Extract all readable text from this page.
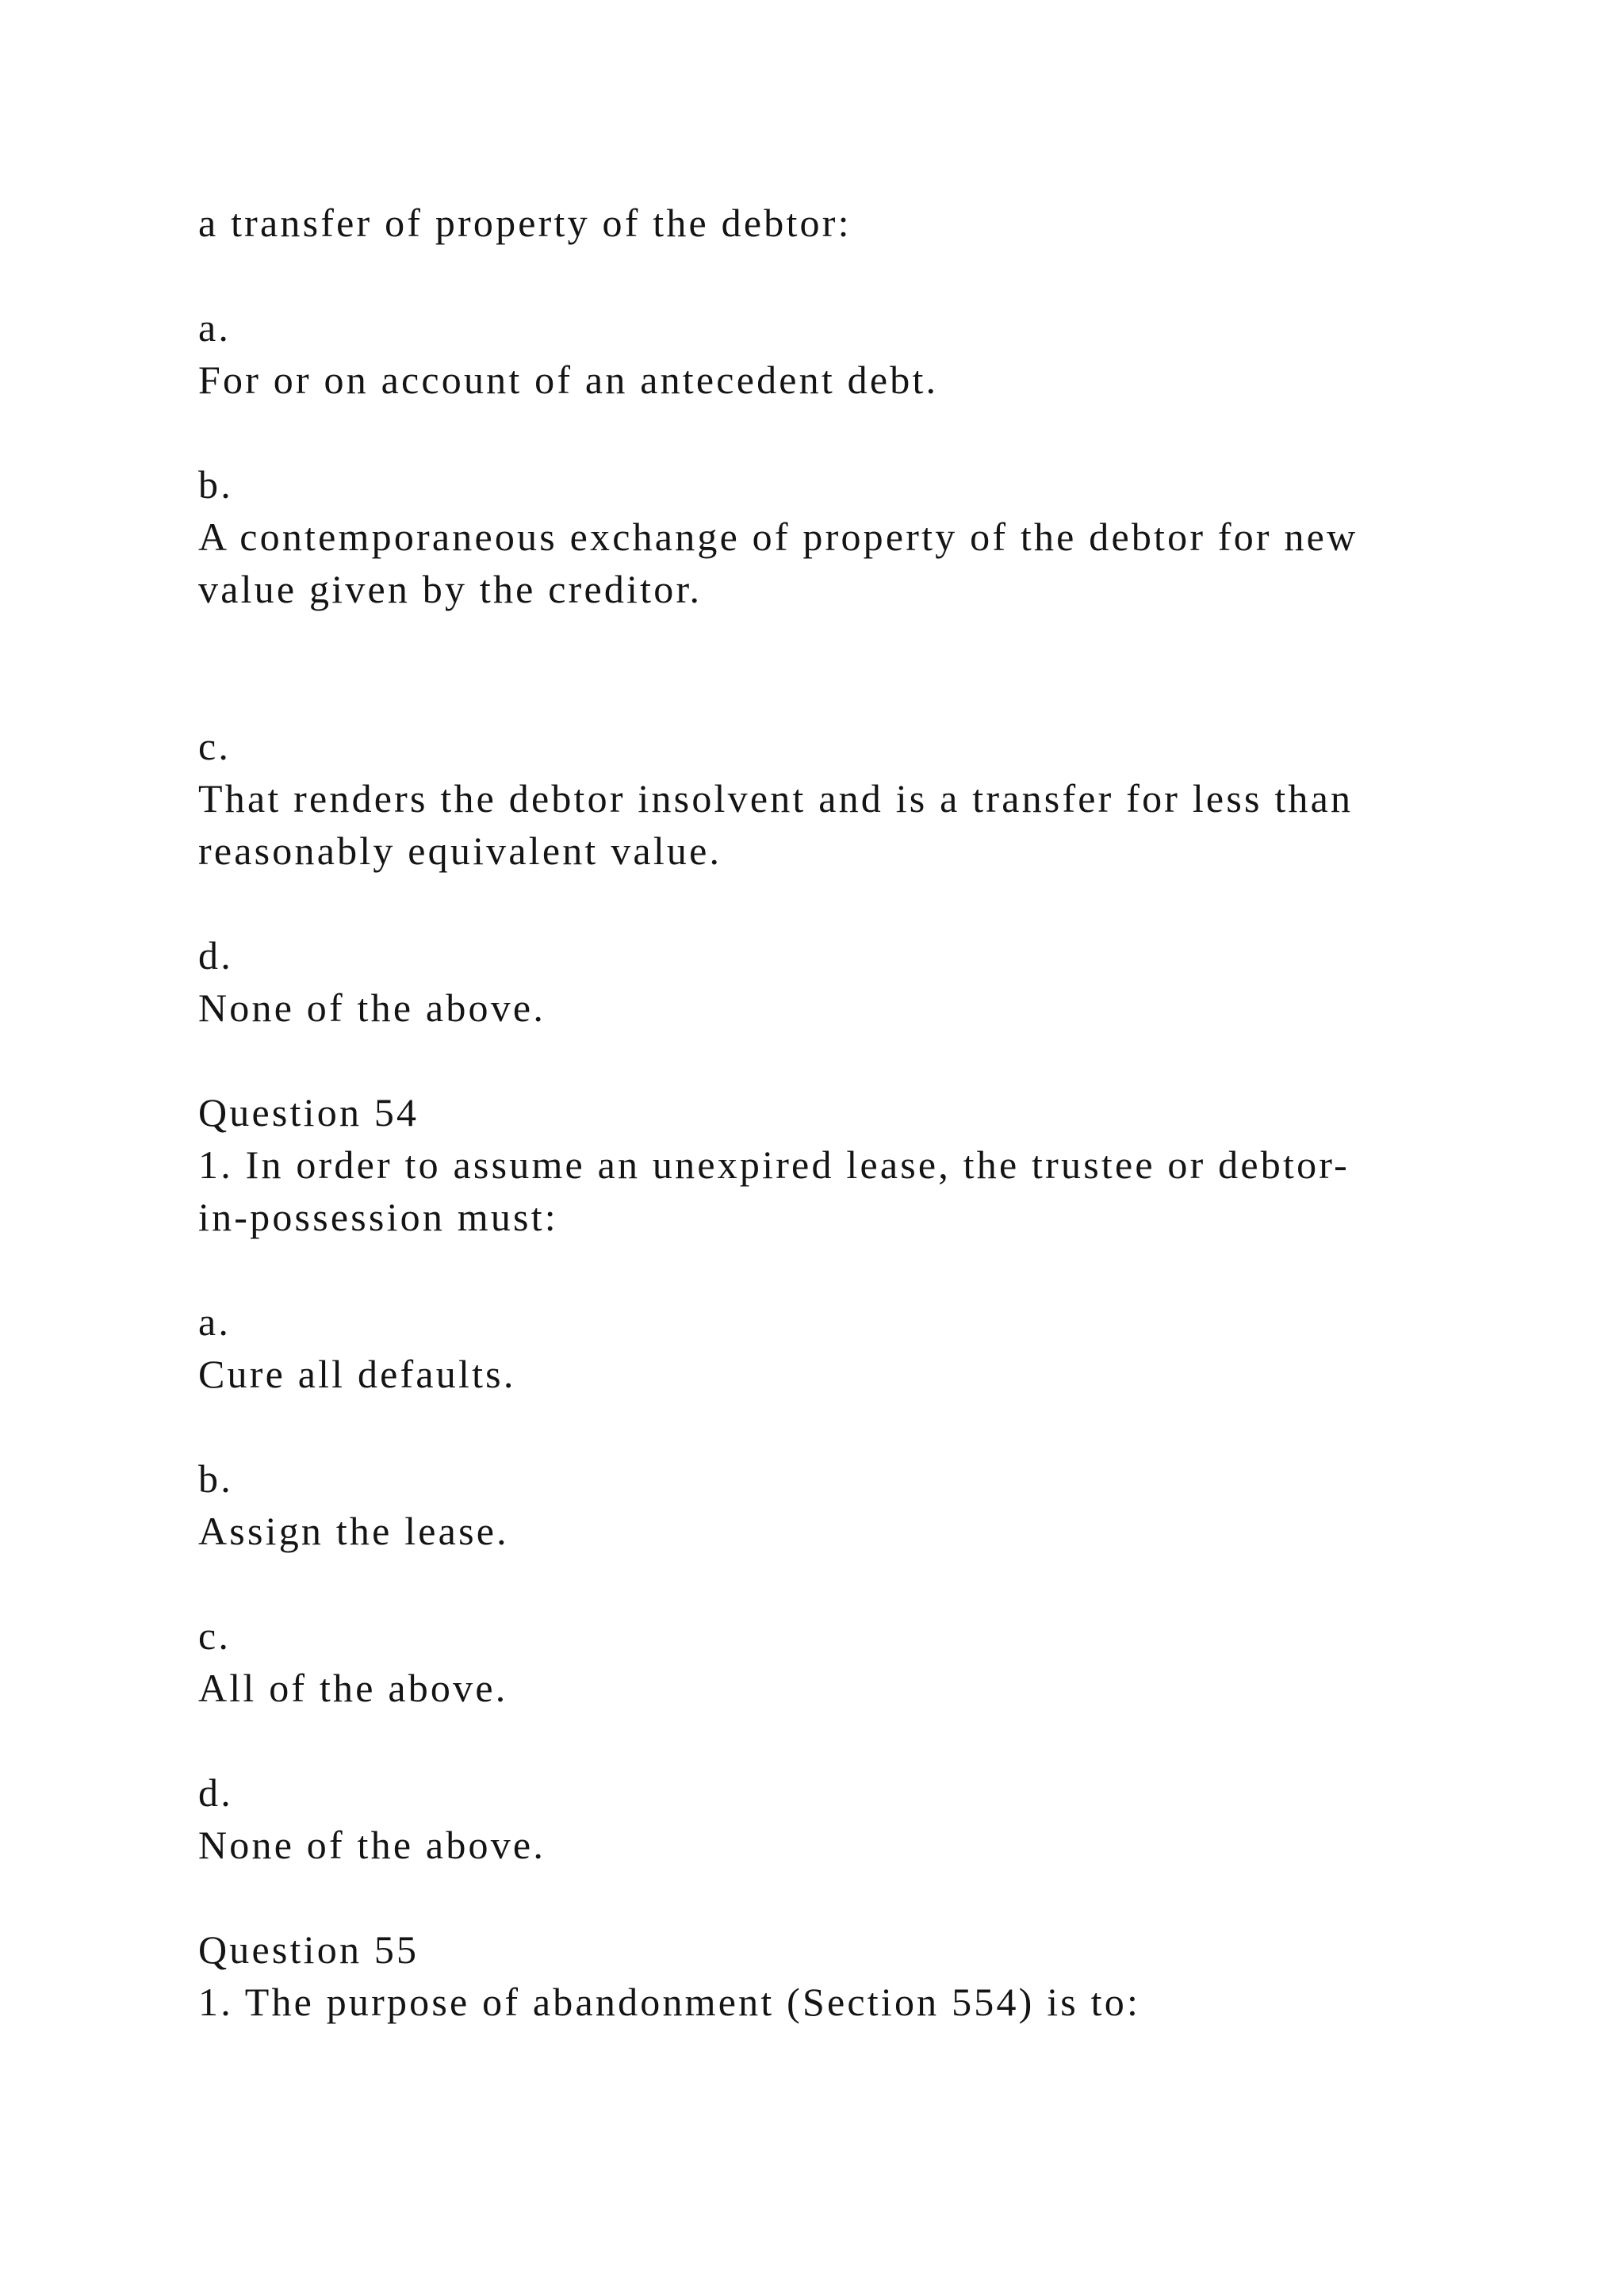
a transfer of property of the debtor:

a.

For or on account of an antecedent debt.

b.

A contemporaneous exchange of property of the debtor for new

value given by the creditor.

c.

That renders the debtor insolvent and is a transfer for less than

reasonably equivalent value.

d.

None of the above.

Question 54

1. In order to assume an unexpired lease, the trustee or debtor-

in-possession must:

a.

Cure all defaults.

b.

Assign the lease.

c.

All of the above.

d.

None of the above.

Question 55

1. The purpose of abandonment (Section 554) is to:
